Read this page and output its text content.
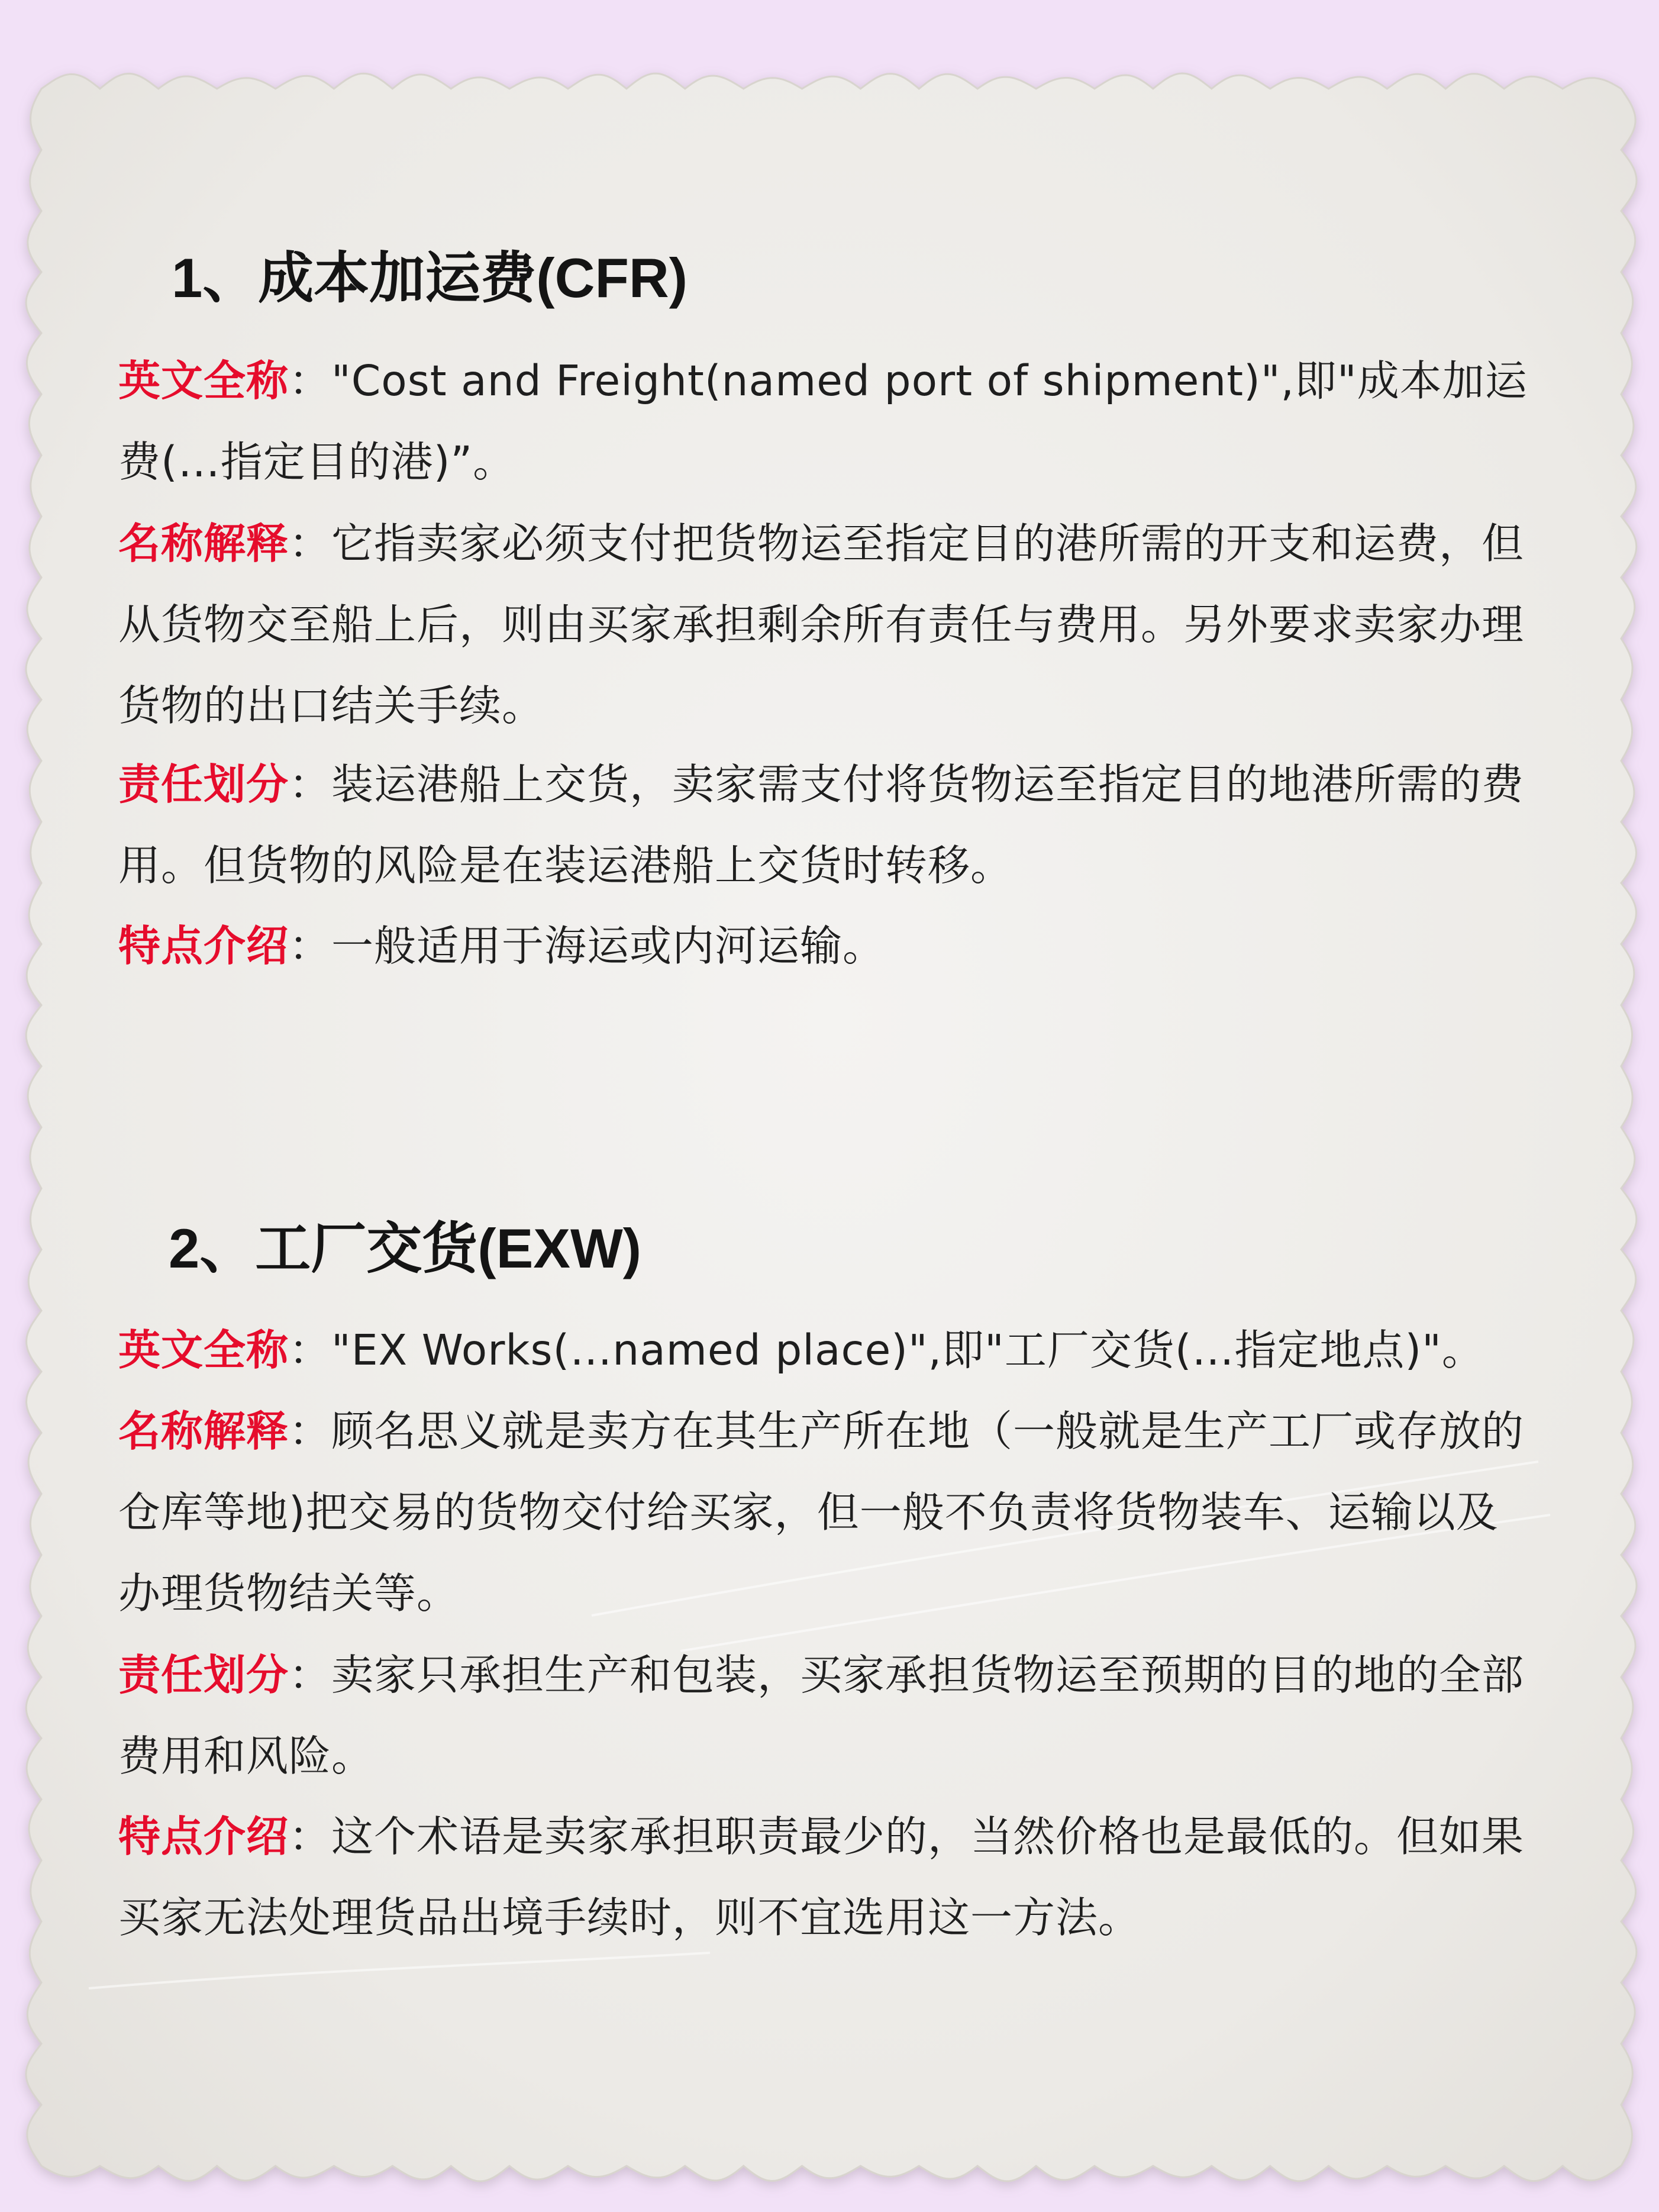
1、成本加运费(CFR)

英文全称："Cost and Freight(named port of shipment)",即"成本加运费(…指定目的港)”。

名称解释：它指卖家必须支付把货物运至指定目的港所需的开支和运费，但从货物交至船上后，则由买家承担剩余所有责任与费用。另外要求卖家办理货物的出口结关手续。

责任划分：装运港船上交货，卖家需支付将货物运至指定目的地港所需的费用。但货物的风险是在装运港船上交货时转移。

特点介绍：一般适用于海运或内河运输。

2、工厂交货(EXW)

英文全称："EX Works(…named place)",即"工厂交货(…指定地点)"。

名称解释：顾名思义就是卖方在其生产所在地（一般就是生产工厂或存放的仓库等地)把交易的货物交付给买家，但一般不负责将货物装车、运输以及办理货物结关等。

责任划分：卖家只承担生产和包装，买家承担货物运至预期的目的地的全部费用和风险。

特点介绍：这个术语是卖家承担职责最少的，当然价格也是最低的。但如果买家无法处理货品出境手续时，则不宜选用这一方法。
